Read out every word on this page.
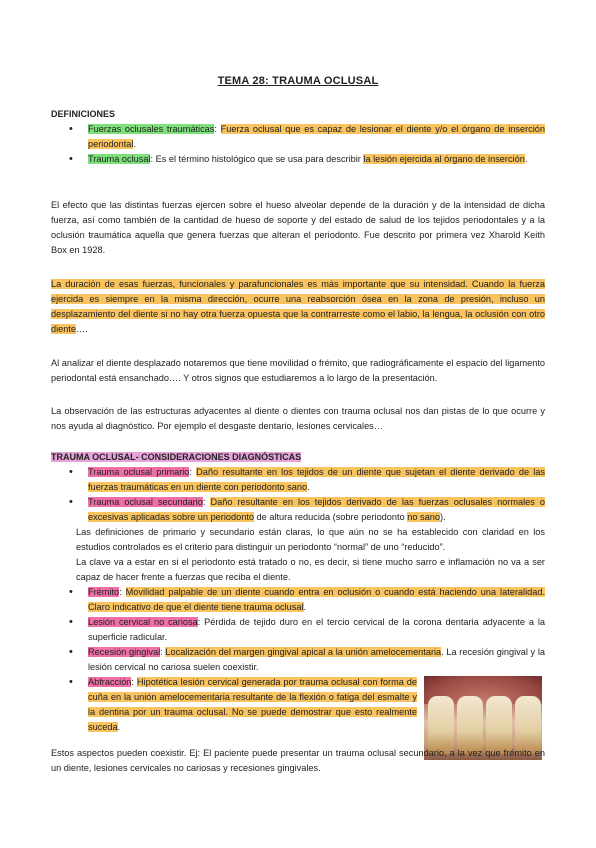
TEMA 28: TRAUMA OCLUSAL
DEFINICIONES
• Fuerzas oclusales traumáticas: Fuerza oclusal que es capaz de lesionar el diente y/o el órgano de inserción periodontal.
• Trauma oclusal: Es el término histológico que se usa para describir la lesión ejercida al órgano de inserción.
El efecto que las distintas fuerzas ejercen sobre el hueso alveolar depende de la duración y de la intensidad de dicha fuerza, así como también de la cantidad de hueso de soporte y del estado de salud de los tejidos periodontales y a la oclusión traumática aquella que genera fuerzas que alteran el periodonto. Fue descrito por primera vez Xharold Keith Box en 1928.
La duración de esas fuerzas, funcionales y parafuncionales es más importante que su intensidad. Cuando la fuerza ejercida es siempre en la misma dirección, ocurre una reabsorción ósea en la zona de presión, incluso un desplazamiento del diente si no hay otra fuerza opuesta que la contrarreste como el labio, la lengua, la oclusión con otro diente….
Al analizar el diente desplazado notaremos que tiene movilidad o frémito, que radiográficamente el espacio del ligamento periodontal está ensanchado…. Y otros signos que estudiaremos a lo largo de la presentación.
La observación de las estructuras adyacentes al diente o dientes con trauma oclusal nos dan pistas de lo que ocurre y nos ayuda al diagnóstico. Por ejemplo el desgaste dentario, lesiones cervicales…
TRAUMA OCLUSAL- CONSIDERACIONES DIAGNÓSTICAS
• Trauma oclusal primario: Daño resultante en los tejidos de un diente que sujetan el diente derivado de las fuerzas traumáticas en un diente con periodonto sano.
• Trauma oclusal secundario: Daño resultante en los tejidos derivado de las fuerzas oclusales normales o excesivas aplicadas sobre un periodonto de altura reducida (sobre periodonto no sano).
Las definiciones de primario y secundario están claras, lo que aún no se ha establecido con claridad en los estudios controlados es el criterio para distinguir un periodonto “normal” de uno “reducido”.
La clave va a estar en si el periodonto está tratado o no, es decir, si tiene mucho sarro e inflamación no va a ser capaz de hacer frente a fuerzas que reciba el diente.
• Frémito: Movilidad palpable de un diente cuando entra en oclusión o cuando está haciendo una lateralidad. Claro indicativo de que el diente tiene trauma oclusal.
• Lesión cervical no cariosa: Pérdida de tejido duro en el tercio cervical de la corona dentaria adyacente a la superficie radicular.
• Recesión gingival: Localización del margen gingival apical a la unión amelocementaria. La recesión gingival y la lesión cervical no cariosa suelen coexistir.
• Abfracción: Hipotética lesión cervical generada por trauma oclusal con forma de cuña en la unión amelocementaria resultante de la flexión o fatiga del esmalte y la dentina por un trauma oclusal. No se puede demostrar que esto realmente suceda.
Estos aspectos pueden coexistir. Ej: El paciente puede presentar un trauma oclusal secundario, a la vez que frémito en un diente, lesiones cervicales no cariosas y recesiones gingivales.
